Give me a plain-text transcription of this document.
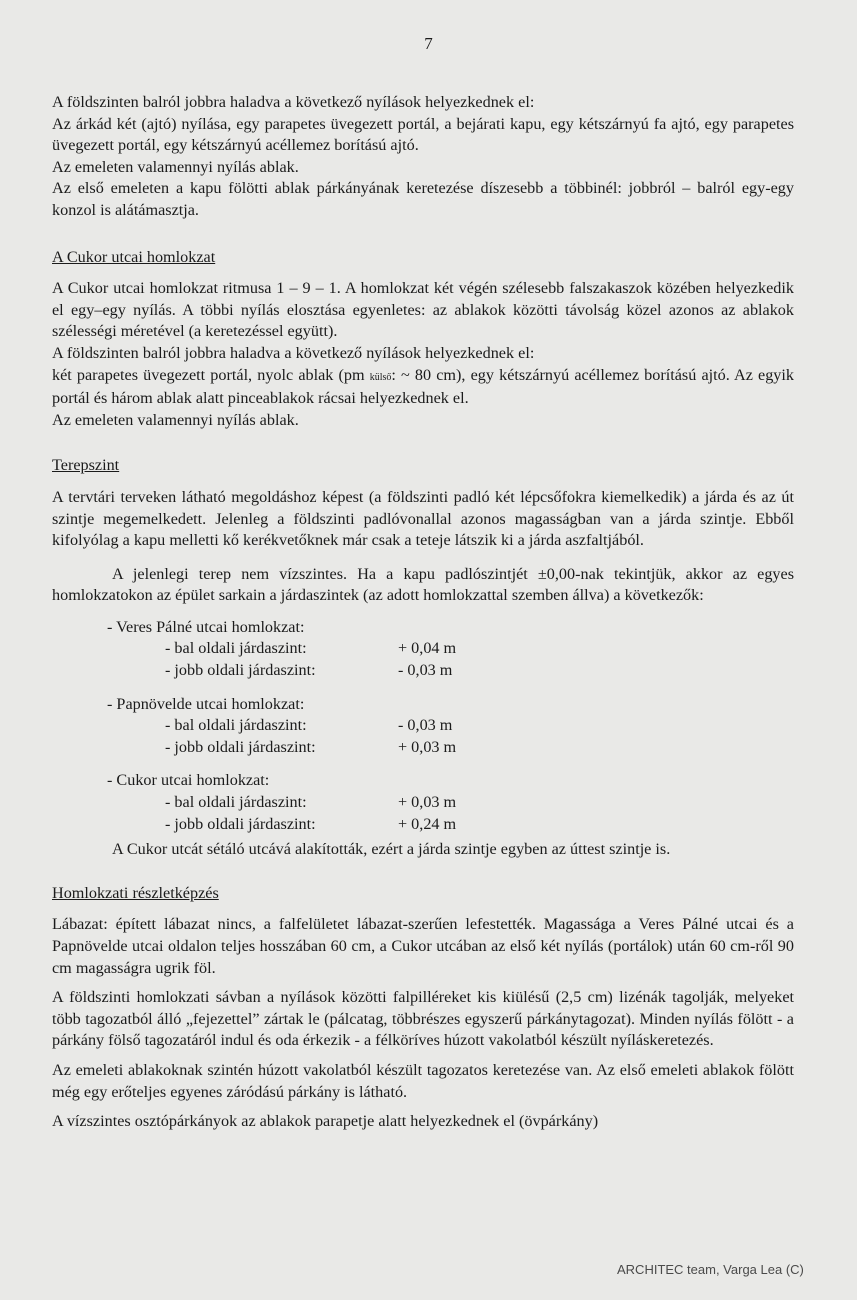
7

A földszinten balról jobbra haladva a következő nyílások helyezkednek el:

Az árkád két (ajtó) nyílása, egy parapetes üvegezett portál, a bejárati kapu, egy kétszárnyú fa ajtó, egy parapetes üvegezett portál, egy kétszárnyú acéllemez borítású ajtó.

Az emeleten valamennyi nyílás ablak.

Az első emeleten a kapu fölötti ablak párkányának keretezése díszesebb a többinél: jobbról – balról egy-egy konzol is alátámasztja.

A Cukor utcai homlokzat

A Cukor utcai homlokzat ritmusa 1 – 9 – 1. A homlokzat két végén szélesebb falszakaszok közében helyezkedik el egy–egy nyílás. A többi nyílás elosztása egyenletes: az ablakok közötti távolság közel azonos az ablakok szélességi méretével (a keretezéssel együtt).

A földszinten balról jobbra haladva a következő nyílások helyezkednek el:

két parapetes üvegezett portál, nyolc ablak (pm külső: ~ 80 cm), egy kétszárnyú acéllemez borítású ajtó. Az egyik portál és három ablak alatt pinceablakok rácsai helyezkednek el.

Az emeleten valamennyi nyílás ablak.

Terepszint

A tervtári terveken látható megoldáshoz képest (a földszinti padló két lépcsőfokra kiemelkedik) a járda és az út szintje megemelkedett. Jelenleg a földszinti padlóvonallal azonos magasságban van a járda szintje. Ebből kifolyólag a kapu melletti kő kerékvetőknek már csak a teteje látszik ki a járda aszfaltjából.

A jelenlegi terep nem vízszintes. Ha a kapu padlószintjét ±0,00-nak tekintjük, akkor az egyes homlokzatokon az épület sarkain a járdaszintek (az adott homlokzattal szemben állva) a következők:

- Veres Pálné utcai homlokzat:
- bal oldali járdaszint:	+ 0,04 m
- jobb oldali járdaszint:	- 0,03 m
- Papnövelde utcai homlokzat:
- bal oldali járdaszint:	- 0,03 m
- jobb oldali járdaszint:	+ 0,03 m
- Cukor utcai homlokzat:
- bal oldali járdaszint:	+ 0,03 m
- jobb oldali járdaszint:	+ 0,24 m

A Cukor utcát sétáló utcává alakították, ezért a járda szintje egyben az úttest szintje is.

Homlokzati részletképzés

Lábazat: épített lábazat nincs, a falfelületet lábazat-szerűen lefestették. Magassága a Veres Pálné utcai és a Papnövelde utcai oldalon teljes hosszában 60 cm, a Cukor utcában az első két nyílás (portálok) után 60 cm-ről 90 cm magasságra ugrik föl.

A földszinti homlokzati sávban a nyílások közötti falpilléreket kis kiülésű (2,5 cm) lizénák tagolják, melyeket több tagozatból álló „fejezettel” zártak le (pálcatag, többrészes egyszerű párkánytagozat). Minden nyílás fölött - a párkány fölső tagozatáról indul és oda érkezik - a félköríves húzott vakolatból készült nyíláskeretezés.

Az emeleti ablakoknak szintén húzott vakolatból készült tagozatos keretezése van. Az első emeleti ablakok fölött még egy erőteljes egyenes záródású párkány is látható.

A vízszintes osztópárkányok az ablakok parapetje alatt helyezkednek el (övpárkány)

ARCHITEC team, Varga Lea (C)
